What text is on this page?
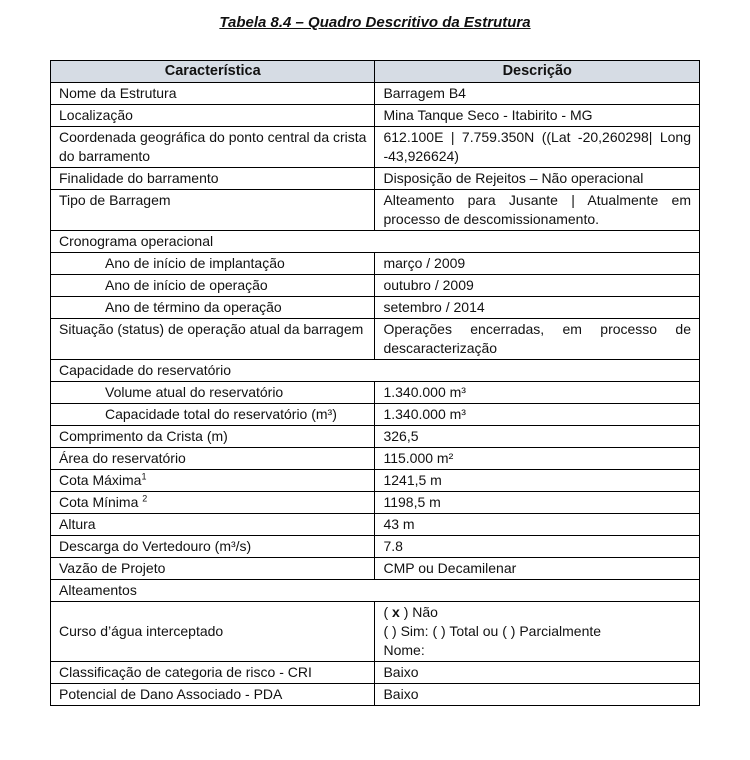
Tabela 8.4 – Quadro Descritivo da Estrutura
Característica	Descrição
Nome da Estrutura	Barragem B4
Localização	Mina Tanque Seco - Itabirito - MG
Coordenada geográfica do ponto central da crista do barramento	612.100E | 7.759.350N ((Lat -20,260298| Long -43,926624)
Finalidade do barramento	Disposição de Rejeitos – Não operacional
Tipo de Barragem	Alteamento para Jusante | Atualmente em processo de descomissionamento.
Cronograma operacional	
Ano de início de implantação	março / 2009
Ano de início de operação	outubro / 2009
Ano de término da operação	setembro / 2014
Situação (status) de operação atual da barragem	Operações encerradas, em processo de descaracterização
Capacidade do reservatório	
Volume atual do reservatório	1.340.000 m³
Capacidade total do reservatório (m³)	1.340.000 m³
Comprimento da Crista (m)	326,5
Área do reservatório	115.000 m²
Cota Máxima$^1$	1241,5 m
Cota Mínima $^2$	1198,5 m
Altura	43 m
Descarga do Vertedouro (m³/s)	7.8
Vazão de Projeto	CMP ou Decamilenar
Alteamentos	
Curso d’água interceptado	( x ) Não
( ) Sim: ( ) Total ou ( ) Parcialmente
Nome:

Classificação de categoria de risco - CRI	Baixo
Potencial de Dano Associado - PDA	Baixo
